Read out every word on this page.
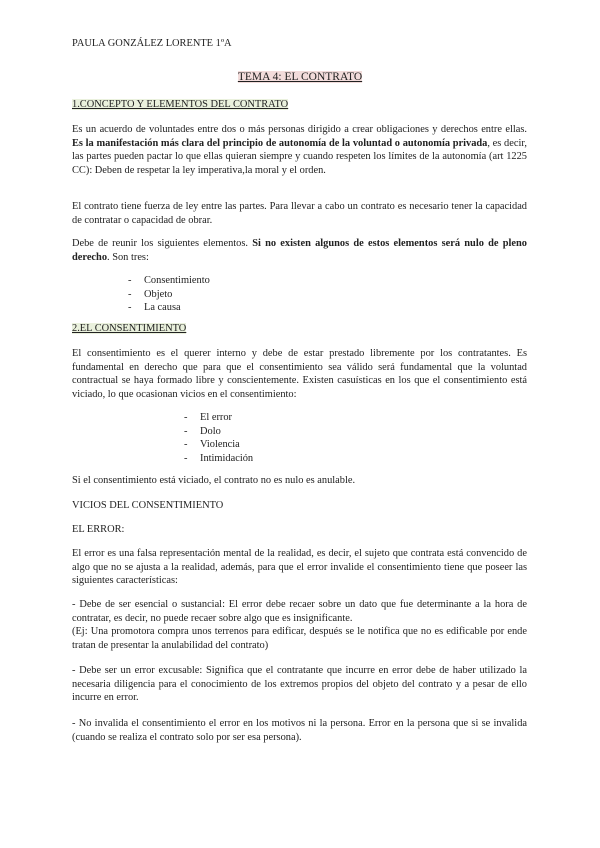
PAULA GONZÁLEZ LORENTE 1ºA
TEMA 4: EL CONTRATO
1.CONCEPTO Y ELEMENTOS DEL CONTRATO
Es un acuerdo de voluntades entre dos o más personas dirigido a crear obligaciones y derechos entre ellas. Es la manifestación más clara del principio de autonomía de la voluntad o autonomía privada, es decir, las partes pueden pactar lo que ellas quieran siempre y cuando respeten los límites de la autonomía (art 1225 CC): Deben de respetar la ley imperativa,la moral y el orden.
El contrato tiene fuerza de ley entre las partes. Para llevar a cabo un contrato es necesario tener la capacidad de contratar o capacidad de obrar.
Debe de reunir los siguientes elementos. Si no existen algunos de estos elementos será nulo de pleno derecho. Son tres:
- Consentimiento
- Objeto
- La causa
2.EL CONSENTIMIENTO
El consentimiento es el querer interno y debe de estar prestado libremente por los contratantes. Es fundamental en derecho que para que el consentimiento sea válido será fundamental que la voluntad contractual se haya formado libre y conscientemente. Existen casuísticas en los que el consentimiento está viciado, lo que ocasionan vicios en el consentimiento:
- El error
- Dolo
- Violencia
- Intimidación
Si el consentimiento está viciado, el contrato no es nulo es anulable.
VICIOS DEL CONSENTIMIENTO
EL ERROR:
El error es una falsa representación mental de la realidad, es decir, el sujeto que contrata está convencido de algo que no se ajusta a la realidad, además, para que el error invalide el consentimiento tiene que poseer las siguientes características:
- Debe de ser esencial o sustancial: El error debe recaer sobre un dato que fue determinante a la hora de contratar, es decir, no puede recaer sobre algo que es insignificante.
(Ej: Una promotora compra unos terrenos para edificar, después se le notifica que no es edificable por ende tratan de presentar la anulabilidad del contrato)
- Debe ser un error excusable: Significa que el contratante que incurre en error debe de haber utilizado la necesaria diligencia para el conocimiento de los extremos propios del objeto del contrato y a pesar de ello incurre en error.
- No invalida el consentimiento el error en los motivos ni la persona. Error en la persona que si se invalida (cuando se realiza el contrato solo por ser esa persona).
